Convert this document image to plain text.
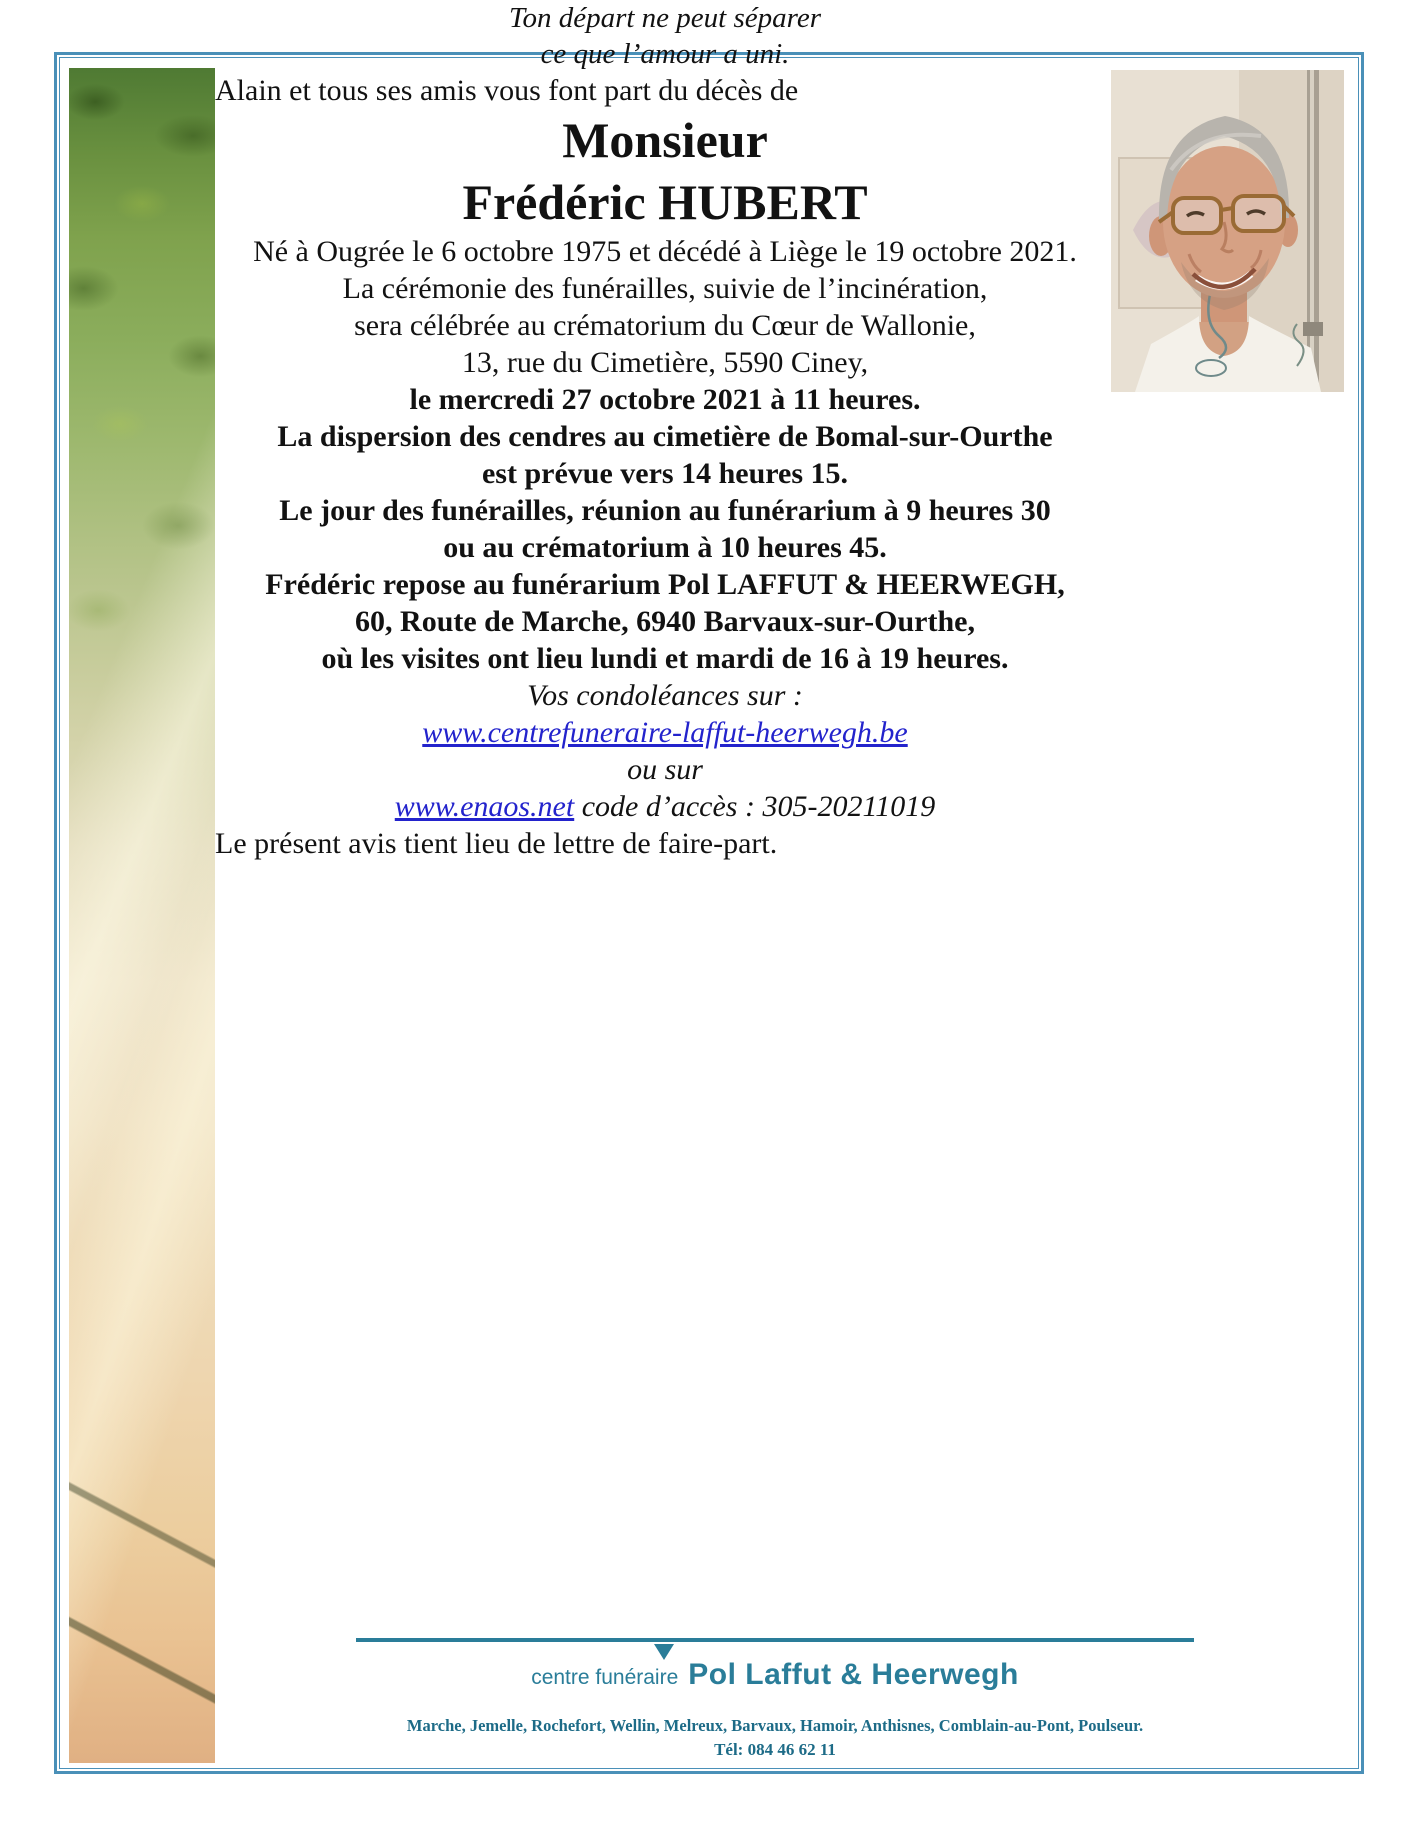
Ton départ ne peut séparer
ce que l’amour a uni.

Alain et tous ses amis vous font part du décès de

Monsieur
Frédéric HUBERT

Né à Ougrée le 6 octobre 1975 et décédé à Liège le 19 octobre 2021.

La cérémonie des funérailles, suivie de l’incinération,
sera célébrée au crématorium du Cœur de Wallonie,
13, rue du Cimetière, 5590 Ciney,
le mercredi 27 octobre 2021 à 11 heures.

La dispersion des cendres au cimetière de Bomal-sur-Ourthe
est prévue vers 14 heures 15.

Le jour des funérailles, réunion au funérarium à 9 heures 30
ou au crématorium à 10 heures 45.

Frédéric repose au funérarium Pol LAFFUT & HEERWEGH,
60, Route de Marche, 6940 Barvaux-sur-Ourthe,
où les visites ont lieu lundi et mardi de 16 à 19 heures.

Vos condoléances sur :
www.centrefuneraire-laffut-heerwegh.be
ou sur
www.enaos.net code d’accès : 305-20211019

Le présent avis tient lieu de lettre de faire-part.

centre funéraire Pol Laffut & Heerwegh
Marche, Jemelle, Rochefort, Wellin, Melreux, Barvaux, Hamoir, Anthisnes, Comblain-au-Pont, Poulseur.
Tél: 084 46 62 11
